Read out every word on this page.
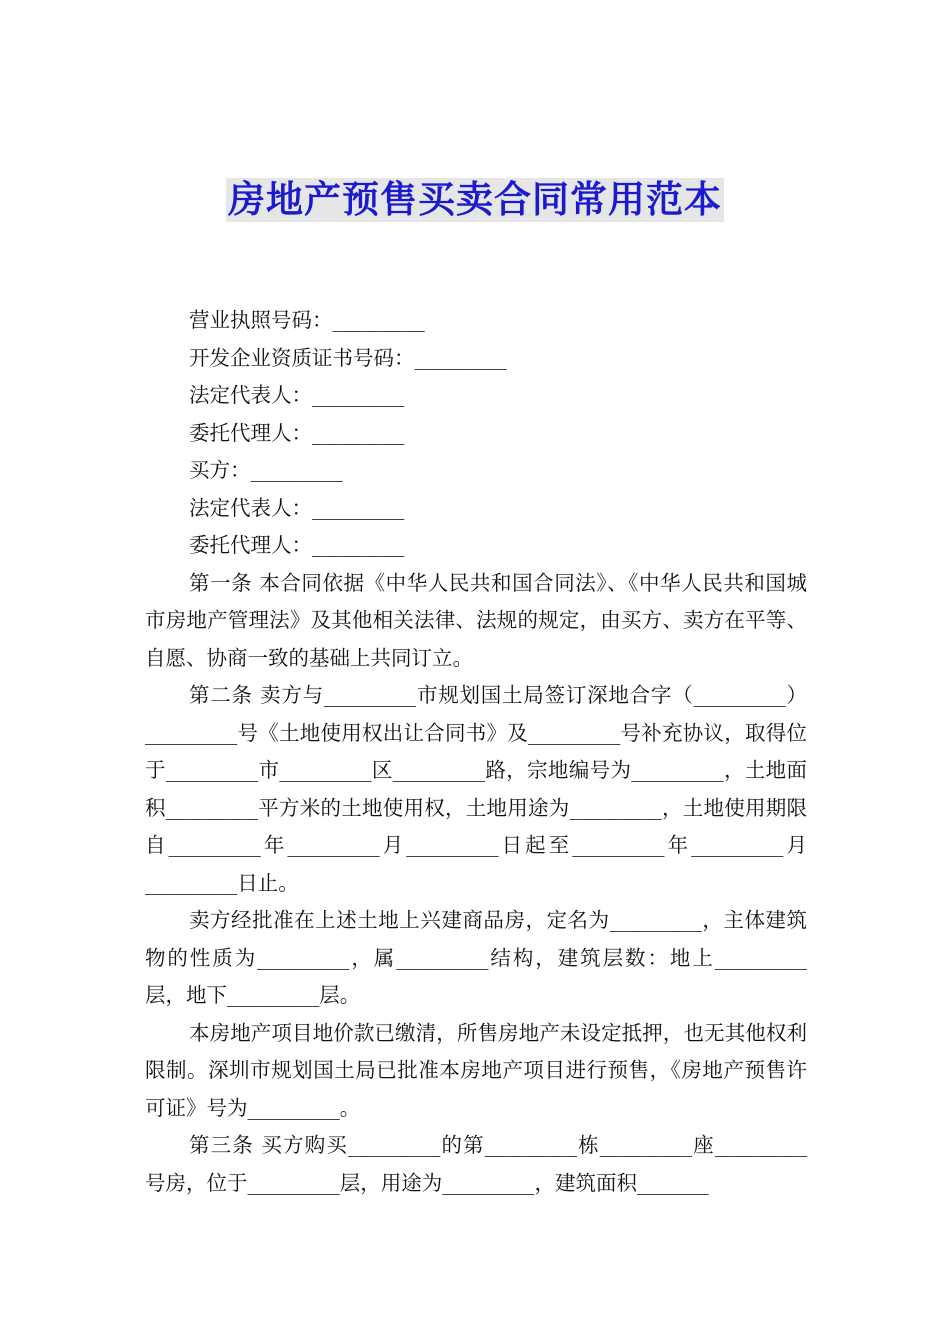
房地产预售买卖合同常用范本

营业执照号码：_________

开发企业资质证书号码：_________

法定代表人：_________

委托代理人：_________

买方：_________

法定代表人：_________

委托代理人：_________

第一条 本合同依据《中华人民共和国合同法》、《中华人民共和国城市房地产管理法》及其他相关法律、法规的规定，由买方、卖方在平等、自愿、协商一致的基础上共同订立。

第二条 卖方与_________市规划国土局签订深地合字（_________）_________号《土地使用权出让合同书》及_________号补充协议，取得位于_________市_________区_________路，宗地编号为_________，土地面积_________平方米的土地使用权，土地用途为_________，土地使用期限自_________年_________月_________日起至_________年_________月_________日止。

卖方经批准在上述土地上兴建商品房，定名为_________，主体建筑物的性质为_________，属_________结构，建筑层数：地上_________层，地下_________层。

本房地产项目地价款已缴清，所售房地产未设定抵押，也无其他权利限制。深圳市规划国土局已批准本房地产项目进行预售，《房地产预售许可证》号为_________。

第三条 买方购买_________的第_________栋_________座_________号房，位于_________层，用途为_________，建筑面积_______
